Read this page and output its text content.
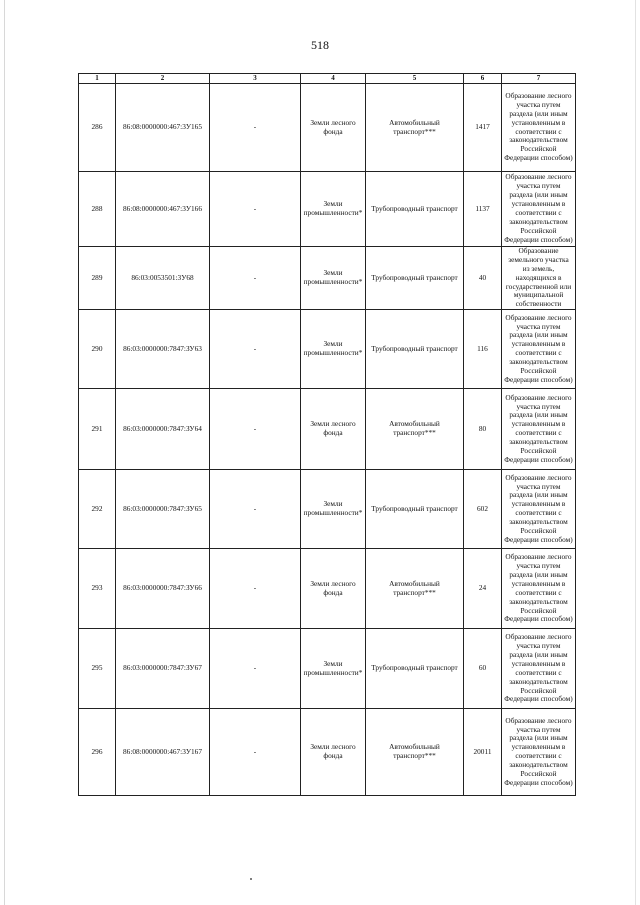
518
1	2	3	4	5	6	7
286	86:08:0000000:467:3У165	-	Земли лесного фонда	Автомобильный транспорт***	1417	Образование лесного участка путем раздела (или иным установленным в соответствии с законодательством Российской Федерации способом)
288	86:08:0000000:467:3У166	-	Земли промышленности*	Трубопроводный транспорт	1137	Образование лесного участка путем раздела (или иным установленным в соответствии с законодательством Российской Федерации способом)
289	86:03:0053501:3У68	-	Земли промышленности*	Трубопроводный транспорт	40	Образование земельного участка из земель, находящихся в государственной или муниципальной собственности
290	86:03:0000000:7847:ЗУ63	-	Земли промышленности*	Трубопроводный транспорт	116	Образование лесного участка путем раздела (или иным установленным в соответствии с законодательством Российской Федерации способом)
291	86:03:0000000:7847:ЗУ64	-	Земли лесного фонда	Автомобильный транспорт***	80	Образование лесного участка путем раздела (или иным установленным в соответствии с законодательством Российской Федерации способом)
292	86:03:0000000:7847:ЗУ65	-	Земли промышленности*	Трубопроводный транспорт	602	Образование лесного участка путем раздела (или иным установленным в соответствии с законодательством Российской Федерации способом)
293	86:03:0000000:7847:ЗУ66	-	Земли лесного фонда	Автомобильный транспорт***	24	Образование лесного участка путем раздела (или иным установленным в соответствии с законодательством Российской Федерации способом)
295	86:03:0000000:7847:ЗУ67	-	Земли промышленности*	Трубопроводный транспорт	60	Образование лесного участка путем раздела (или иным установленным в соответствии с законодательством Российской Федерации способом)
296	86:08:0000000:467:3У167	-	Земли лесного фонда	Автомобильный транспорт***	20011	Образование лесного участка путем раздела (или иным установленным в соответствии с законодательством Российской Федерации способом)
